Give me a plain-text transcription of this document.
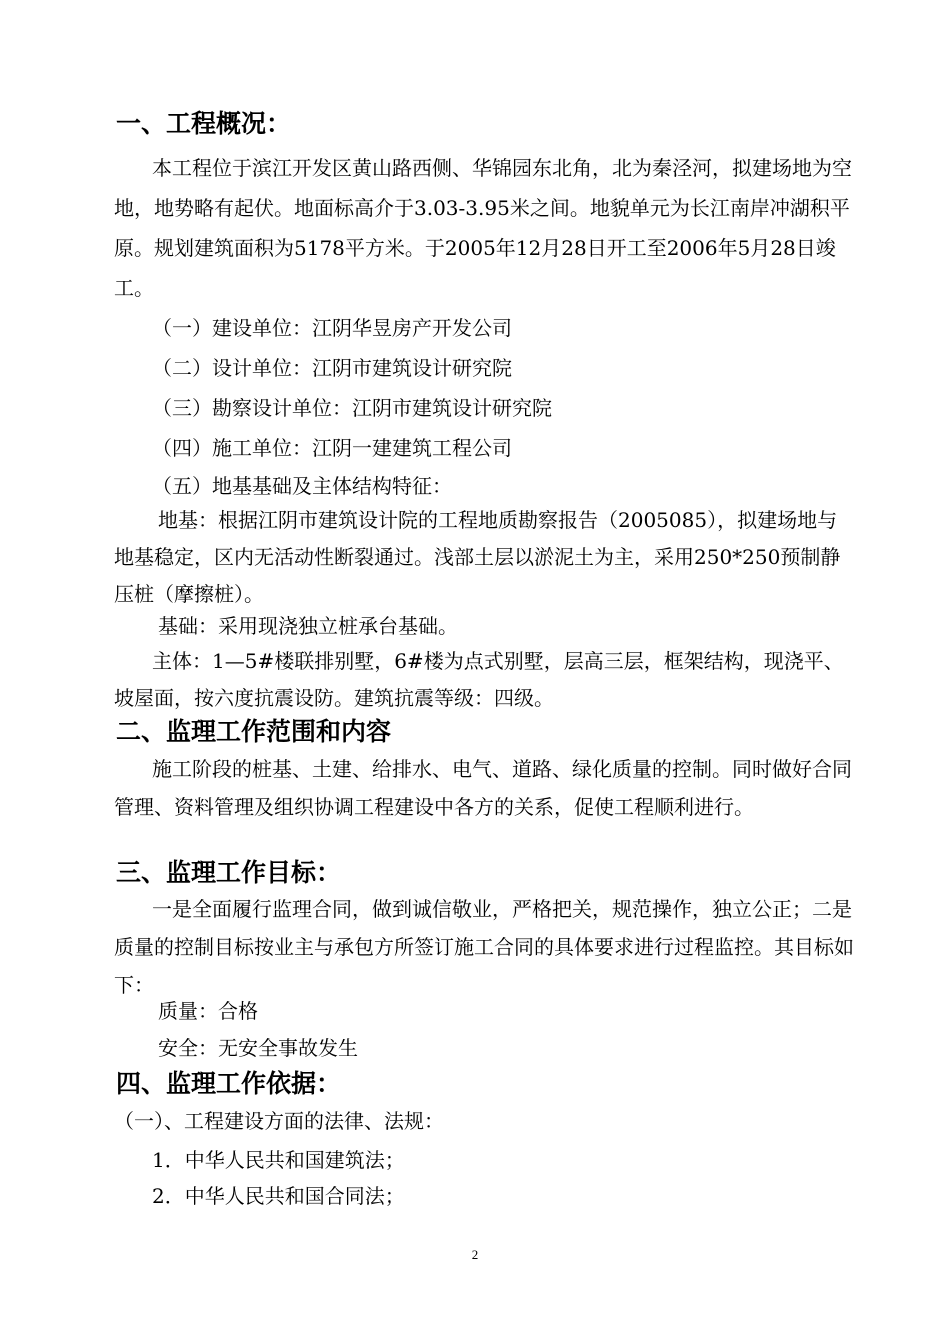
一、工程概况：
本工程位于滨江开发区黄山路西侧、华锦园东北角，北为秦泾河，拟建场地为空地，地势略有起伏。地面标高介于3.03-3.95米之间。地貌单元为长江南岸冲湖积平原。规划建筑面积为5178平方米。于2005年12月28日开工至2006年5月28日竣工。
（一）建设单位：江阴华昱房产开发公司
（二）设计单位：江阴市建筑设计研究院
（三）勘察设计单位：江阴市建筑设计研究院
（四）施工单位：江阴一建建筑工程公司
（五）地基基础及主体结构特征：
地基：根据江阴市建筑设计院的工程地质勘察报告（2005085），拟建场地与地基稳定，区内无活动性断裂通过。浅部土层以淤泥土为主，采用250*250预制静压桩（摩擦桩）。
基础：采用现浇独立桩承台基础。
主体：1—5#楼联排别墅，6#楼为点式别墅，层高三层，框架结构，现浇平、坡屋面，按六度抗震设防。建筑抗震等级：四级。
二、监理工作范围和内容
施工阶段的桩基、土建、给排水、电气、道路、绿化质量的控制。同时做好合同管理、资料管理及组织协调工程建设中各方的关系，促使工程顺利进行。
三、监理工作目标：
一是全面履行监理合同，做到诚信敬业，严格把关，规范操作，独立公正；二是质量的控制目标按业主与承包方所签订施工合同的具体要求进行过程监控。其目标如下：
质量：合格
安全：无安全事故发生
四、监理工作依据：
（一）、工程建设方面的法律、法规：
1．中华人民共和国建筑法；
2．中华人民共和国合同法；
2
